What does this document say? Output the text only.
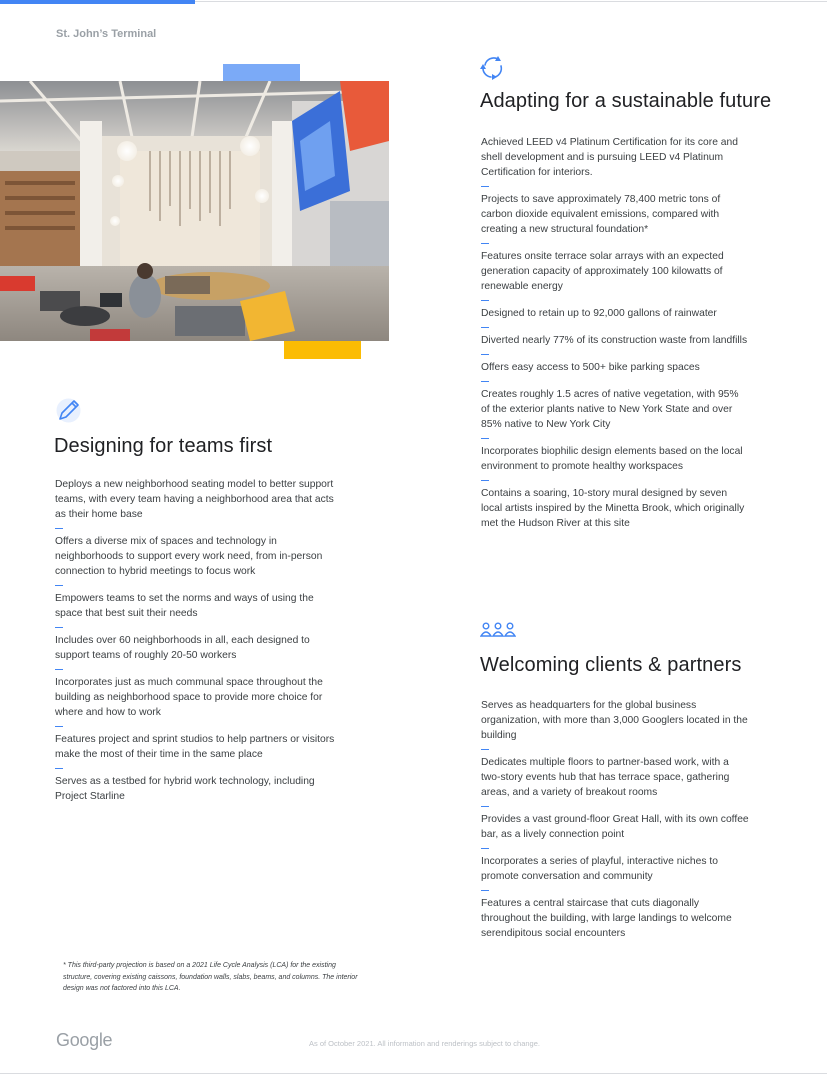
St. John’s Terminal
Adapting for a sustainable future
Achieved LEED v4 Platinum Certification for its core and shell development and is pursuing LEED v4 Platinum Certification for interiors.
Projects to save approximately 78,400 metric tons of carbon dioxide equivalent emissions, compared with creating a new structural foundation*
Features onsite terrace solar arrays with an expected generation capacity of approximately 100 kilowatts of renewable energy
Designed to retain up to 92,000 gallons of rainwater
Diverted nearly 77% of its construction waste from landfills
Offers easy access to 500+ bike parking spaces
Creates roughly 1.5 acres of native vegetation, with 95% of the exterior plants native to New York State and over 85% native to New York City
Incorporates biophilic design elements based on the local environment to promote healthy workspaces
Contains a soaring, 10-story mural designed by seven local artists inspired by the Minetta Brook, which originally met the Hudson River at this site
Designing for teams first
Deploys a new neighborhood seating model to better support teams, with every team having a neighborhood area that acts as their home base
Offers a diverse mix of spaces and technology in neighborhoods to support every work need, from in-person connection to hybrid meetings to focus work
Empowers teams to set the norms and ways of using the space that best suit their needs
Includes over 60 neighborhoods in all, each designed to support teams of roughly 20-50 workers
Incorporates just as much communal space throughout the building as neighborhood space to provide more choice for where and how to work
Features project and sprint studios to help partners or visitors make the most of their time in the same place
Serves as a testbed for hybrid work technology, including Project Starline
Welcoming clients & partners
Serves as headquarters for the global business organization, with more than 3,000 Googlers located in the building
Dedicates multiple floors to partner-based work, with a two-story events hub that has terrace space, gathering areas, and a variety of breakout rooms
Provides a vast ground-floor Great Hall, with its own coffee bar, as a lively connection point
Incorporates a series of playful, interactive niches to promote conversation and community
Features a central staircase that cuts diagonally throughout the building, with large landings to welcome serendipitous social encounters
* This third-party projection is based on a 2021 Life Cycle Analysis (LCA) for the existing structure, covering existing caissons, foundation walls, slabs, beams, and columns. The interior design was not factored into this LCA.
Google	As of October 2021. All information and renderings subject to change.
